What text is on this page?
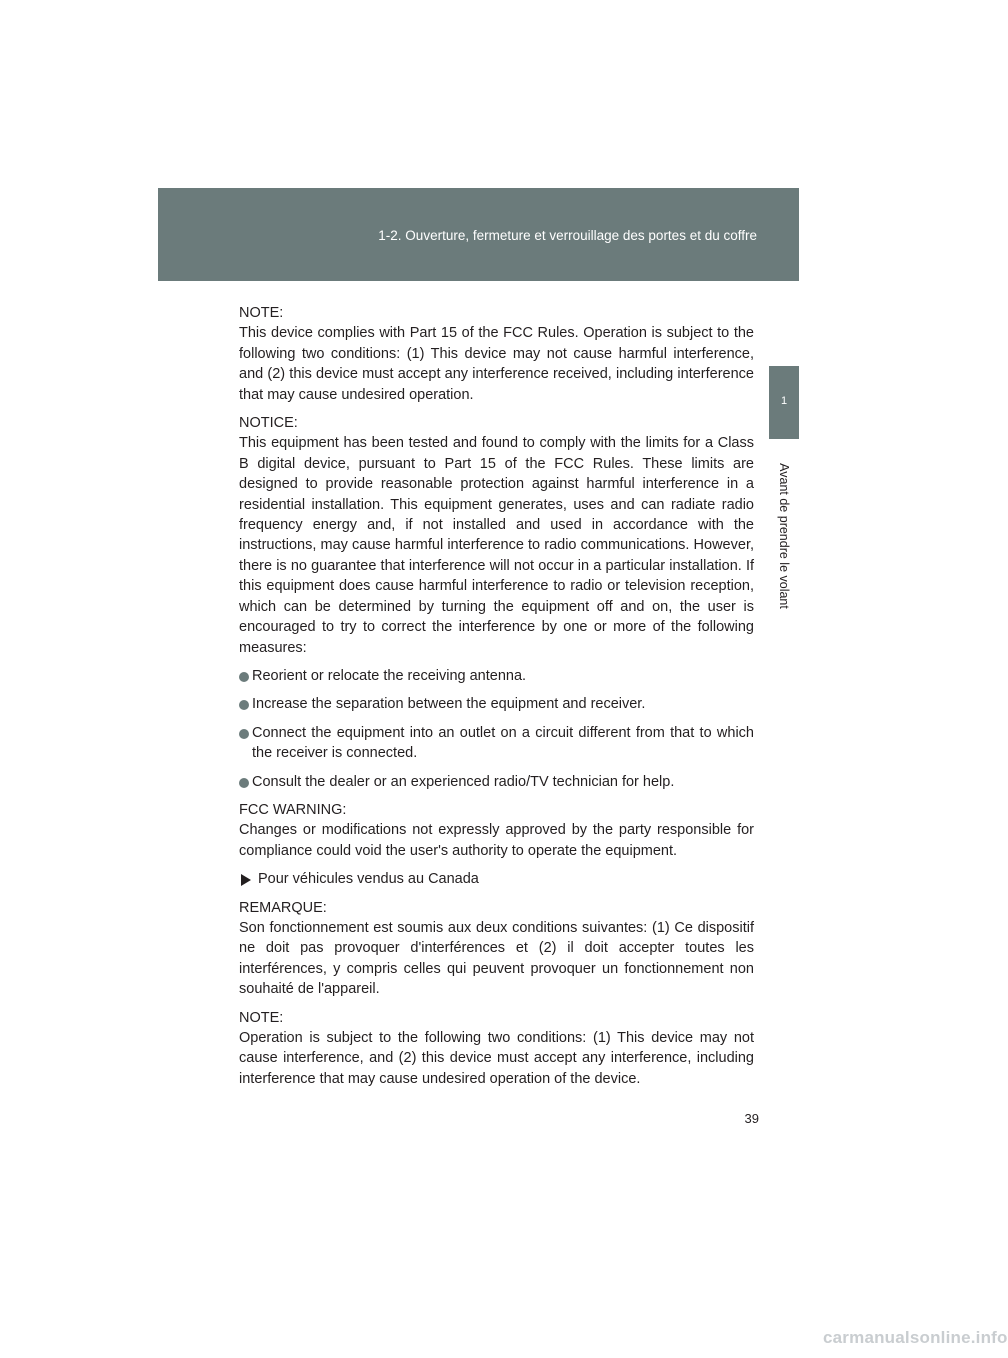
1-2. Ouverture, fermeture et verrouillage des portes et du coffre
1
Avant de prendre le volant

NOTE:
This device complies with Part 15 of the FCC Rules. Operation is subject to the following two conditions: (1) This device may not cause harmful interference, and (2) this device must accept any interference received, including interference that may cause undesired operation.

NOTICE:
This equipment has been tested and found to comply with the limits for a Class B digital device, pursuant to Part 15 of the FCC Rules. These limits are designed to provide reasonable protection against harmful interference in a residential installation. This equipment generates, uses and can radiate radio frequency energy and, if not installed and used in accordance with the instructions, may cause harmful interference to radio communications. However, there is no guarantee that interference will not occur in a particular installation. If this equipment does cause harmful interference to radio or television reception, which can be determined by turning the equipment off and on, the user is encouraged to try to correct the interference by one or more of the following measures:

Reorient or relocate the receiving antenna.
Increase the separation between the equipment and receiver.
Connect the equipment into an outlet on a circuit different from that to which the receiver is connected.
Consult the dealer or an experienced radio/TV technician for help.

FCC WARNING:
Changes or modifications not expressly approved by the party responsible for compliance could void the user's authority to operate the equipment.

Pour véhicules vendus au Canada

REMARQUE:
Son fonctionnement est soumis aux deux conditions suivantes: (1) Ce dispositif ne doit pas provoquer d'interférences et (2) il doit accepter toutes les interférences, y compris celles qui peuvent provoquer un fonctionnement non souhaité de l'appareil.

NOTE:
Operation is subject to the following two conditions: (1) This device may not cause interference, and (2) this device must accept any interference, including interference that may cause undesired operation of the device.

39
carmanualsonline.info
